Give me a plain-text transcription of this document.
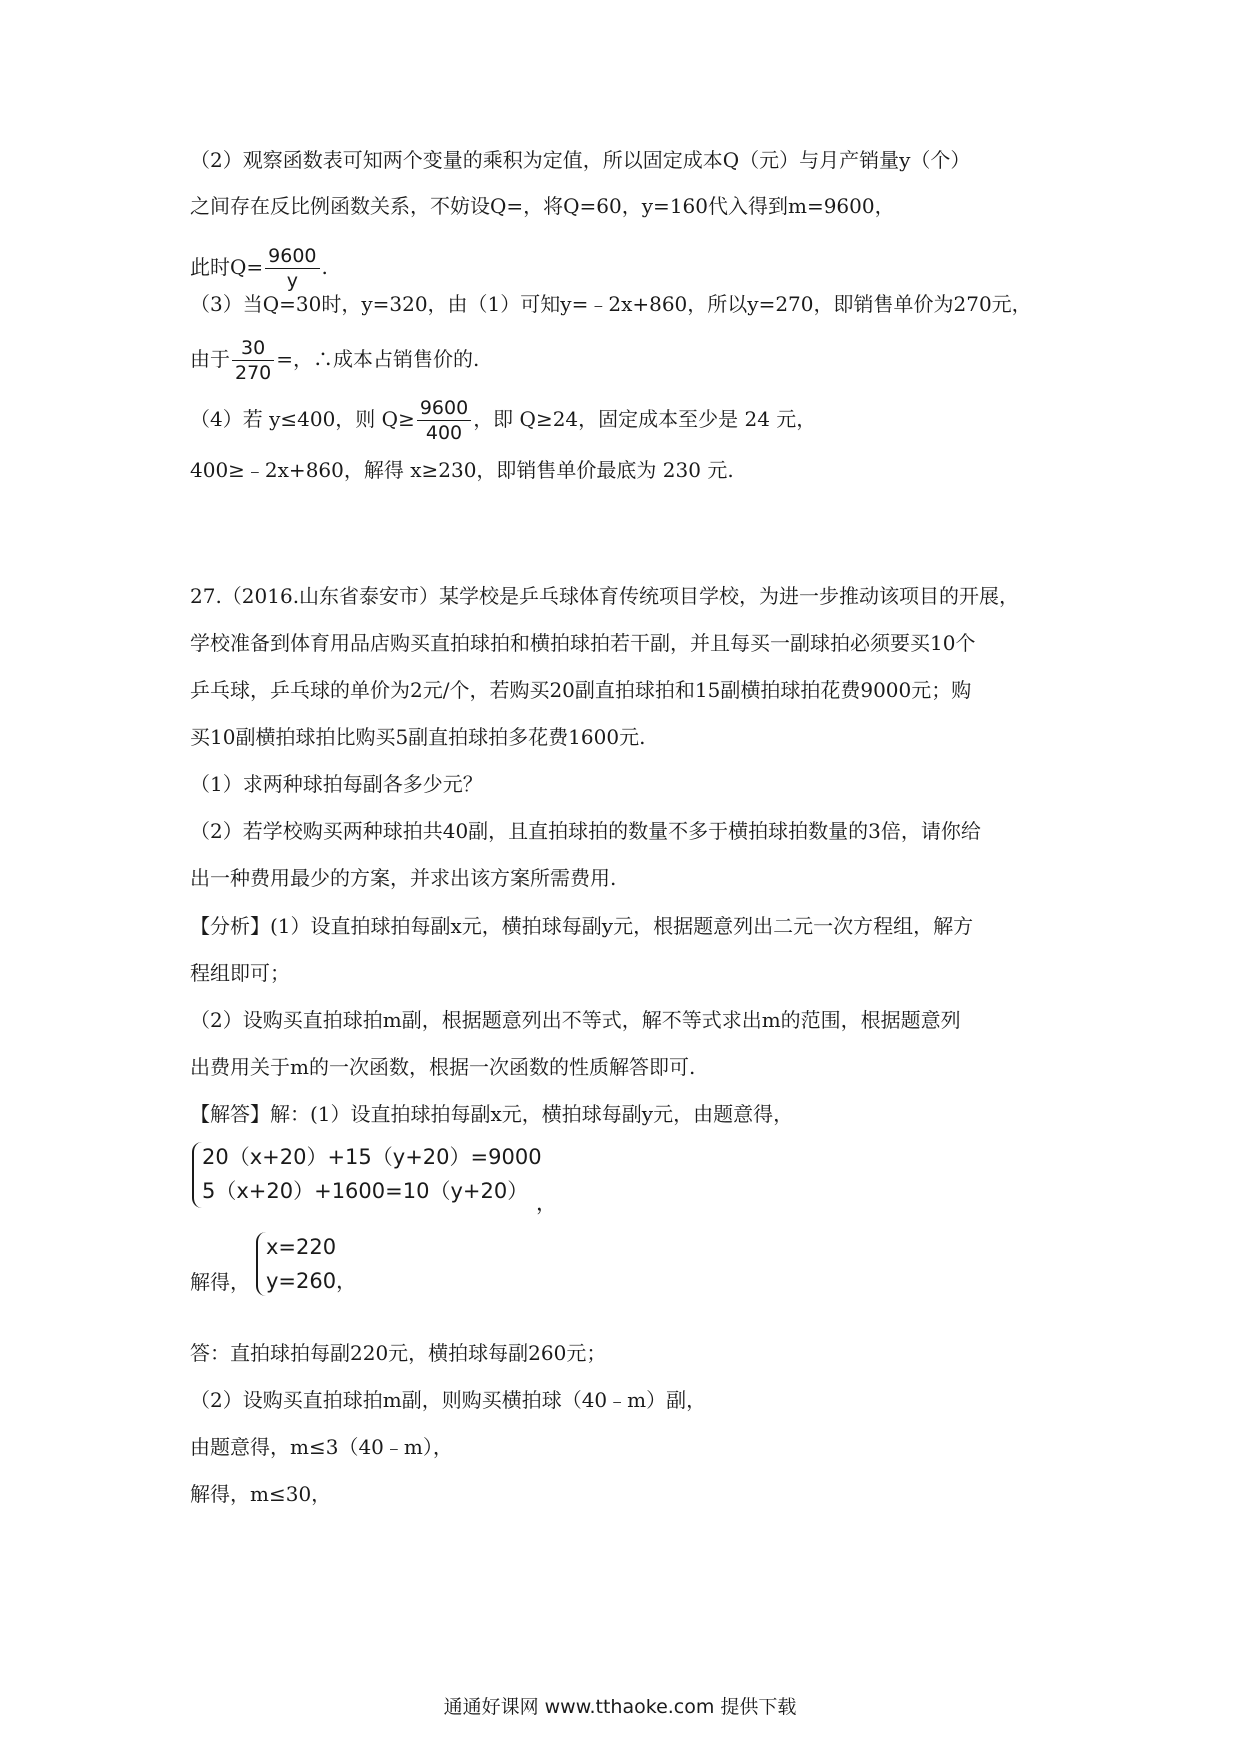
（2）观察函数表可知两个变量的乘积为定值，所以固定成本Q（元）与月产销量y（个）
之间存在反比例函数关系，不妨设Q=，将Q=60，y=160代入得到m=9600，
此时$Q= \frac{9600}{y}$ .
（3）当Q=30时，y=320，由（1）可知y=﹣2x+860，所以y=270，即销售单价为270元，
由于 $\frac{30}{270}$ =，∴成本占销售价的.
（4）若 y≤400，则 $Q\ge \frac{9600}{400}$ ，即 Q≥24，固定成本至少是 24 元，
400≥﹣2x+860，解得 x≥230，即销售单价最底为 230 元.
27.（2016.山东省泰安市）某学校是乒乓球体育传统项目学校，为进一步推动该项目的开展，
学校准备到体育用品店购买直拍球拍和横拍球拍若干副，并且每买一副球拍必须要买10个
乒乓球，乒乓球的单价为2元/个，若购买20副直拍球拍和15副横拍球拍花费9000元；购
买10副横拍球拍比购买5副直拍球拍多花费1600元.
（1）求两种球拍每副各多少元？
（2）若学校购买两种球拍共40副，且直拍球拍的数量不多于横拍球拍数量的3倍，请你给
出一种费用最少的方案，并求出该方案所需费用.
【分析】(1）设直拍球拍每副x元，横拍球每副y元，根据题意列出二元一次方程组，解方
程组即可；
（2）设购买直拍球拍m副，根据题意列出不等式，解不等式求出m的范围，根据题意列
出费用关于m的一次函数，根据一次函数的性质解答即可.
【解答】解：(1）设直拍球拍每副x元，横拍球每副y元，由题意得，
20（x+20）+15（y+20）=9000
5（x+20）+1600=10（y+20） ，
解得，
x=220
y=260 ，
答：直拍球拍每副220元，横拍球每副260元；
（2）设购买直拍球拍m副，则购买横拍球（40﹣m）副，
由题意得，m≤3（40﹣m），
解得，m≤30，
通通好课网 www.tthaoke.com 提供下载
